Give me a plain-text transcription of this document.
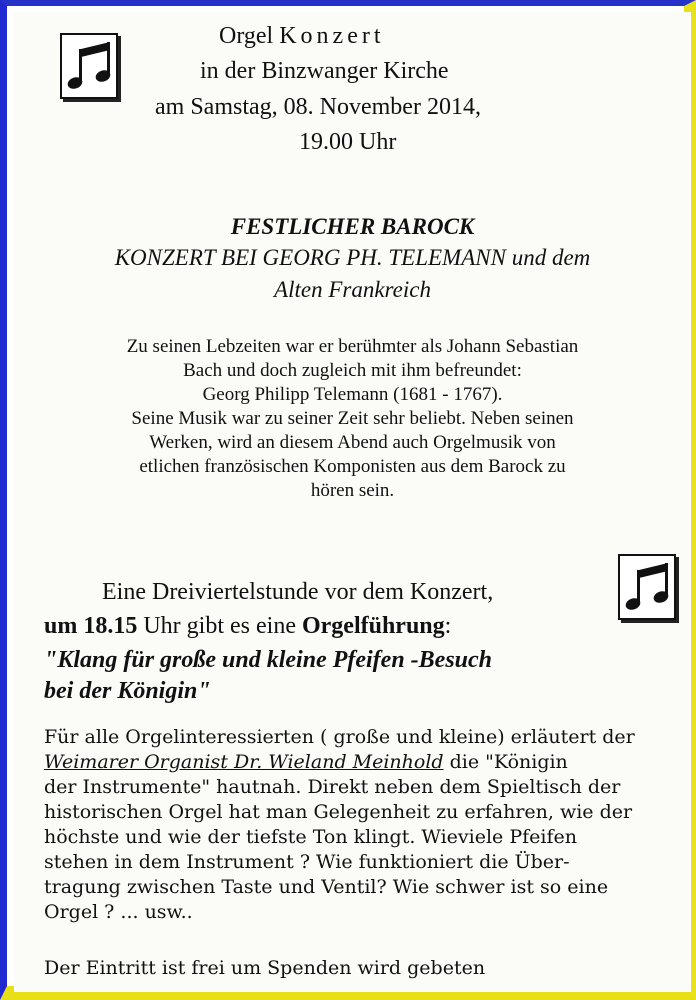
Orgel Konzert
in der Binzwanger Kirche
am Samstag, 08. November 2014,
19.00 Uhr
FESTLICHER BAROCK
KONZERT BEI GEORG PH. TELEMANN und dem
Alten Frankreich
Zu seinen Lebzeiten war er berühmter als Johann Sebastian
Bach und doch zugleich mit ihm befreundet:
Georg Philipp Telemann (1681 - 1767).
Seine Musik war zu seiner Zeit sehr beliebt. Neben seinen
Werken, wird an diesem Abend auch Orgelmusik von
etlichen französischen Komponisten aus dem Barock zu
hören sein.
Eine Dreiviertelstunde vor dem Konzert,
um 18.15 Uhr gibt es eine Orgelführung:
"Klang für große und kleine Pfeifen -Besuch
bei der Königin"
Für alle Orgelinteressierten ( große und kleine) erläutert der
Weimarer Organist Dr. Wieland Meinhold die "Königin
der Instrumente" hautnah. Direkt neben dem Spieltisch der
historischen Orgel hat man Gelegenheit zu erfahren, wie der
höchste und wie der tiefste Ton klingt. Wieviele Pfeifen
stehen in dem Instrument ? Wie funktioniert die Über-
tragung zwischen Taste und Ventil? Wie schwer ist so eine
Orgel ? ... usw..
Der Eintritt ist frei um Spenden wird gebeten
